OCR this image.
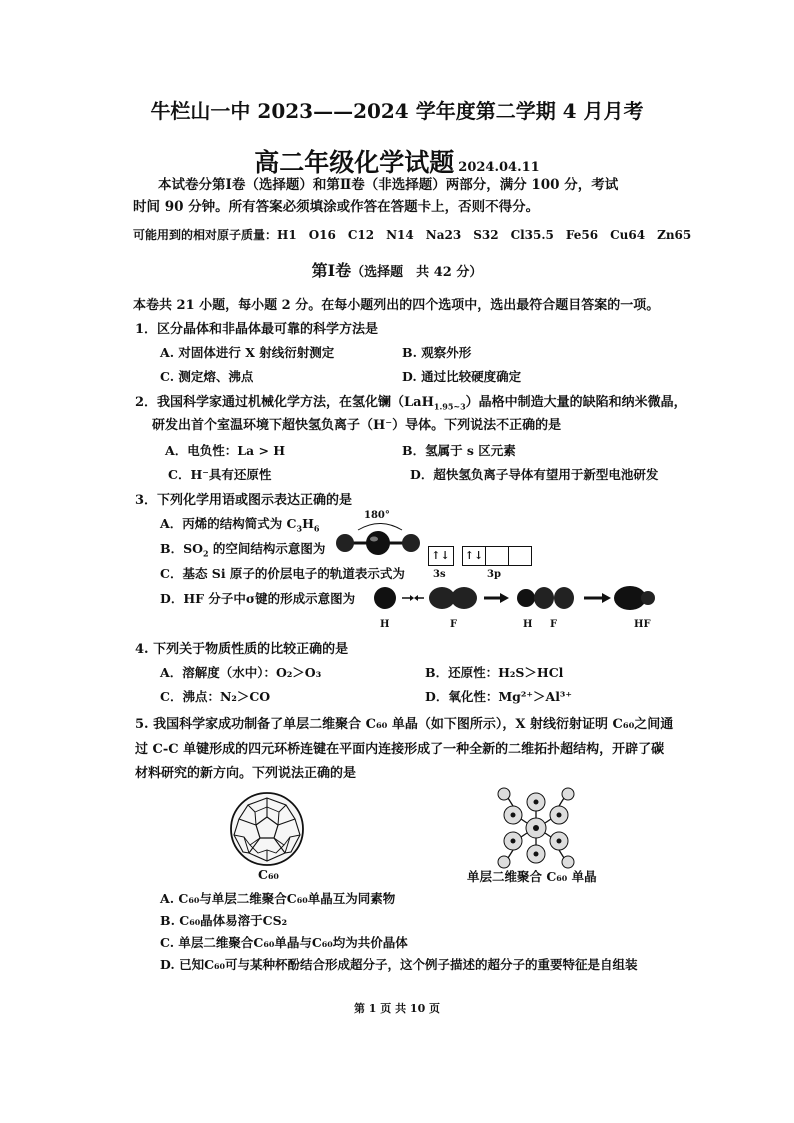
牛栏山一中 2023——2024 学年度第二学期 4 月月考
高二年级化学试题 2024.04.11
本试卷分第Ⅰ卷（选择题）和第Ⅱ卷（非选择题）两部分，满分 100 分，考试
时间 90 分钟。所有答案必须填涂或作答在答题卡上，否则不得分。
可能用到的相对原子质量：H1　O16　C12　N14　Na23　S32　Cl35.5　Fe56　Cu64　Zn65
第Ⅰ卷（选择题　共 42 分）
本卷共 21 小题，每小题 2 分。在每小题列出的四个选项中，选出最符合题目答案的一项。
1．区分晶体和非晶体最可靠的科学方法是
A. 对固体进行 X 射线衍射测定	B. 观察外形
C. 测定熔、沸点	D. 通过比较硬度确定
2．我国科学家通过机械化学方法，在氢化镧（LaH$_{1.95\sim 3}$）晶格中制造大量的缺陷和纳米微晶，
研发出首个室温环境下超快氢负离子（H⁻）导体。下列说法不正确的是
A．电负性：La > H	B．氢属于 s 区元素
C．H⁻具有还原性	D．超快氢负离子导体有望用于新型电池研发
3．下列化学用语或图示表达正确的是
A．丙烯的结构简式为 $C_3H_6$
180°
B．$SO_2$ 的空间结构示意图为
C．基态 Si 原子的价层电子的轨道表示式为
↑↓ ↑↓
3s	3p
D．HF 分子中σ键的形成示意图为
H	F	H F	HF
4. 下列关于物质性质的比较正确的是
A．溶解度（水中）：O₂＞O₃	B．还原性：H₂S＞HCl
C．沸点：N₂＞CO	D．氧化性：Mg²⁺＞Al³⁺
5. 我国科学家成功制备了单层二维聚合 C₆₀ 单晶（如下图所示），X 射线衍射证明 C₆₀之间通
过 C-C 单键形成的四元环桥连键在平面内连接形成了一种全新的二维拓扑超结构，开辟了碳
材料研究的新方向。下列说法正确的是
C₆₀	单层二维聚合 C₆₀ 单晶
A. C₆₀与单层二维聚合C₆₀单晶互为同素物
B. C₆₀晶体易溶于CS₂
C. 单层二维聚合C₆₀单晶与C₆₀均为共价晶体
D. 已知C₆₀可与某种杯酚结合形成超分子，这个例子描述的超分子的重要特征是自组装
第 1 页 共 10 页
